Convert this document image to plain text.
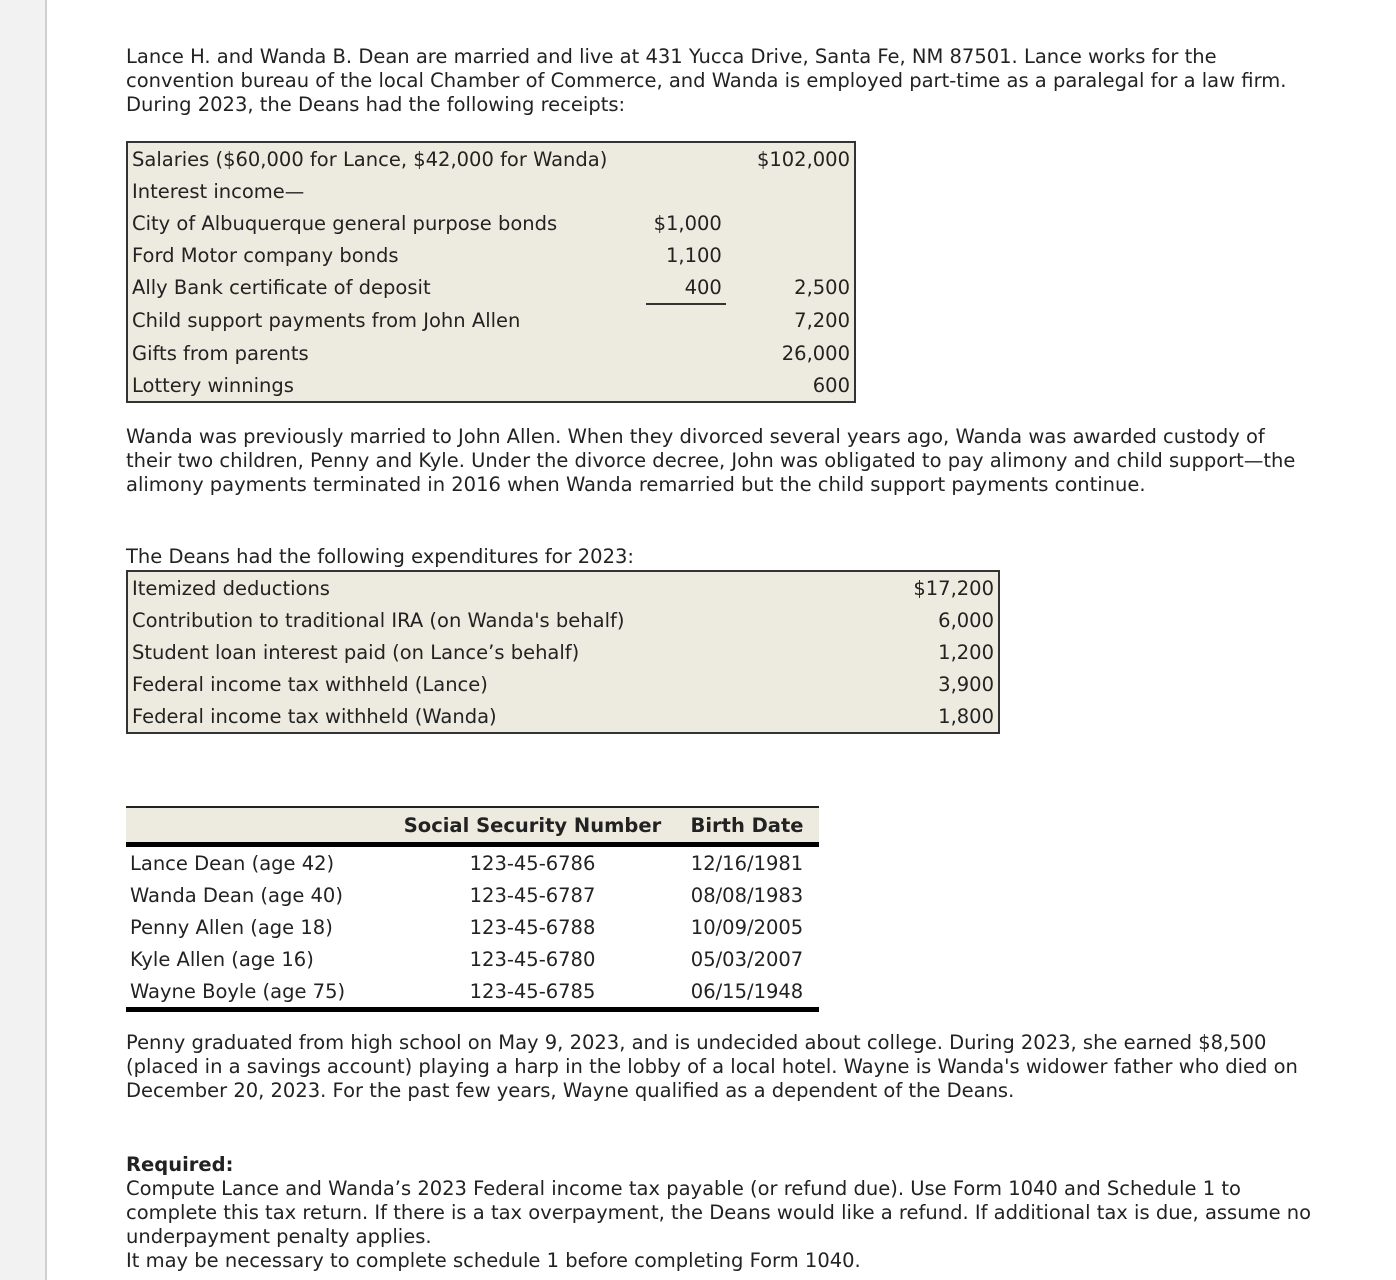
Lance H. and Wanda B. Dean are married and live at 431 Yucca Drive, Santa Fe, NM 87501. Lance works for the convention bureau of the local Chamber of Commerce, and Wanda is employed part-time as a paralegal for a law firm. During 2023, the Deans had the following receipts:

Salaries ($60,000 for Lance, $42,000 for Wanda)		$102,000
Interest income—		
City of Albuquerque general purpose bonds	$1,000	
Ford Motor company bonds	1,100	
Ally Bank certificate of deposit	400	2,500
Child support payments from John Allen		7,200
Gifts from parents		26,000
Lottery winnings		600

Wanda was previously married to John Allen. When they divorced several years ago, Wanda was awarded custody of their two children, Penny and Kyle. Under the divorce decree, John was obligated to pay alimony and child support—the alimony payments terminated in 2016 when Wanda remarried but the child support payments continue.

The Deans had the following expenditures for 2023:
Itemized deductions	$17,200
Contribution to traditional IRA (on Wanda's behalf)	6,000
Student loan interest paid (on Lance’s behalf)	1,200
Federal income tax withheld (Lance)	3,900
Federal income tax withheld (Wanda)	1,800
	Social Security Number	Birth Date
Lance Dean (age 42)	123-45-6786	12/16/1981
Wanda Dean (age 40)	123-45-6787	08/08/1983
Penny Allen (age 18)	123-45-6788	10/09/2005
Kyle Allen (age 16)	123-45-6780	05/03/2007
Wayne Boyle (age 75)	123-45-6785	06/15/1948

Penny graduated from high school on May 9, 2023, and is undecided about college. During 2023, she earned $8,500 (placed in a savings account) playing a harp in the lobby of a local hotel. Wayne is Wanda's widower father who died on December 20, 2023. For the past few years, Wayne qualified as a dependent of the Deans.

Required:
Compute Lance and Wanda’s 2023 Federal income tax payable (or refund due). Use Form 1040 and Schedule 1 to complete this tax return. If there is a tax overpayment, the Deans would like a refund. If additional tax is due, assume no underpayment penalty applies.
It may be necessary to complete schedule 1 before completing Form 1040.
